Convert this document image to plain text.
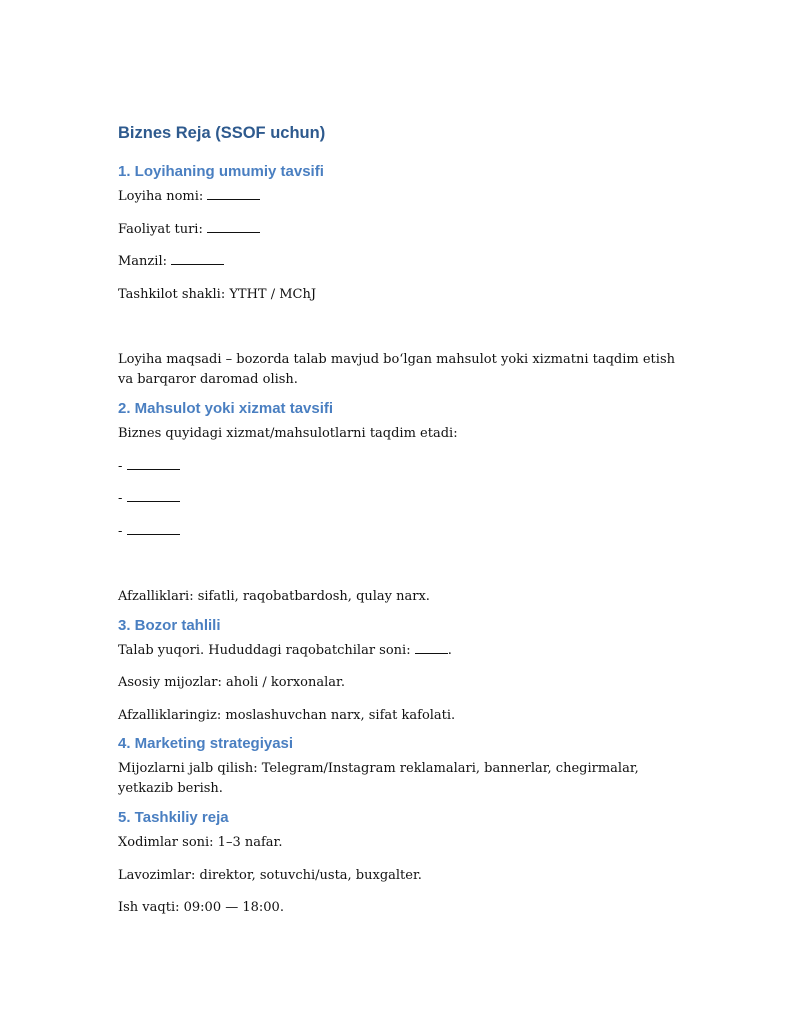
Biznes Reja (SSOF uchun)
1. Loyihaning umumiy tavsifi

Loyiha nomi:

Faoliyat turi:

Manzil:

Tashkilot shakli: YTHT / MChJ

Loyiha maqsadi – bozorda talab mavjud bo‘lgan mahsulot yoki xizmatni taqdim etish va barqaror daromad olish.

2. Mahsulot yoki xizmat tavsifi

Biznes quyidagi xizmat/mahsulotlarni taqdim etadi:

-

-

-

Afzalliklari: sifatli, raqobatbardosh, qulay narx.

3. Bozor tahlili

Talab yuqori. Hududdagi raqobatchilar soni:	.

Asosiy mijozlar: aholi / korxonalar.

Afzalliklaringiz: moslashuvchan narx, sifat kafolati.

4. Marketing strategiyasi

Mijozlarni jalb qilish: Telegram/Instagram reklamalari, bannerlar, chegirmalar, yetkazib berish.

5. Tashkiliy reja

Xodimlar soni: 1–3 nafar.

Lavozimlar: direktor, sotuvchi/usta, buxgalter.

Ish vaqti: 09:00 — 18:00.
